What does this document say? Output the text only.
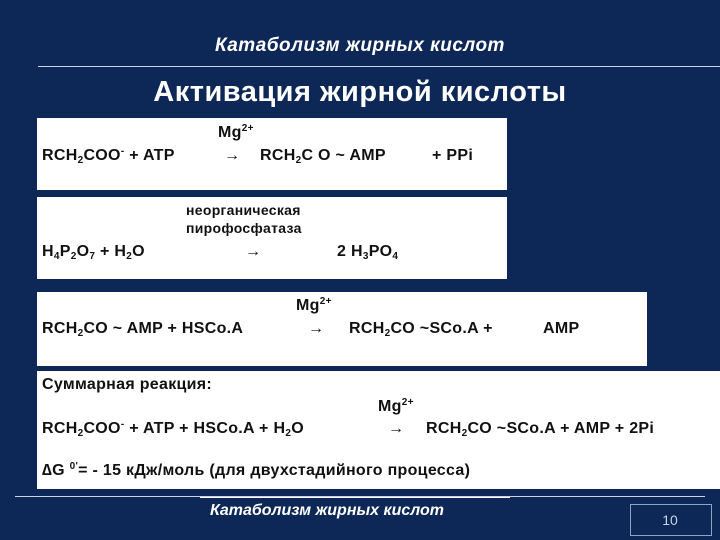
Катаболизм жирных кислот
Активация жирной кислоты
$Mg^{2+}$
$RCH_2COO^-$ + ATP	→ $RCH_2C$ O ~ AMP	+ PPi
неорганическая
пирофосфатаза
$H_4P_2O_7 + H_2O$	→	2 $H_3PO_4$
$Mg^{2+}$
$RCH_2CO$ ~ AMP + HSCo.A	→ $RCH_2CO$ ~SCo.A +	AMP
Суммарная реакция:
$Mg^{2+}$
$RCH_2COO^-$ + ATP + HSCo.A + $H_2O$	→ $RCH_2CO$ ~SCo.A + AMP + 2Pi
∆G $^{0'}$= - 15 кДж/моль (для двухстадийного процесса)
Катаболизм жирных кислот
10
